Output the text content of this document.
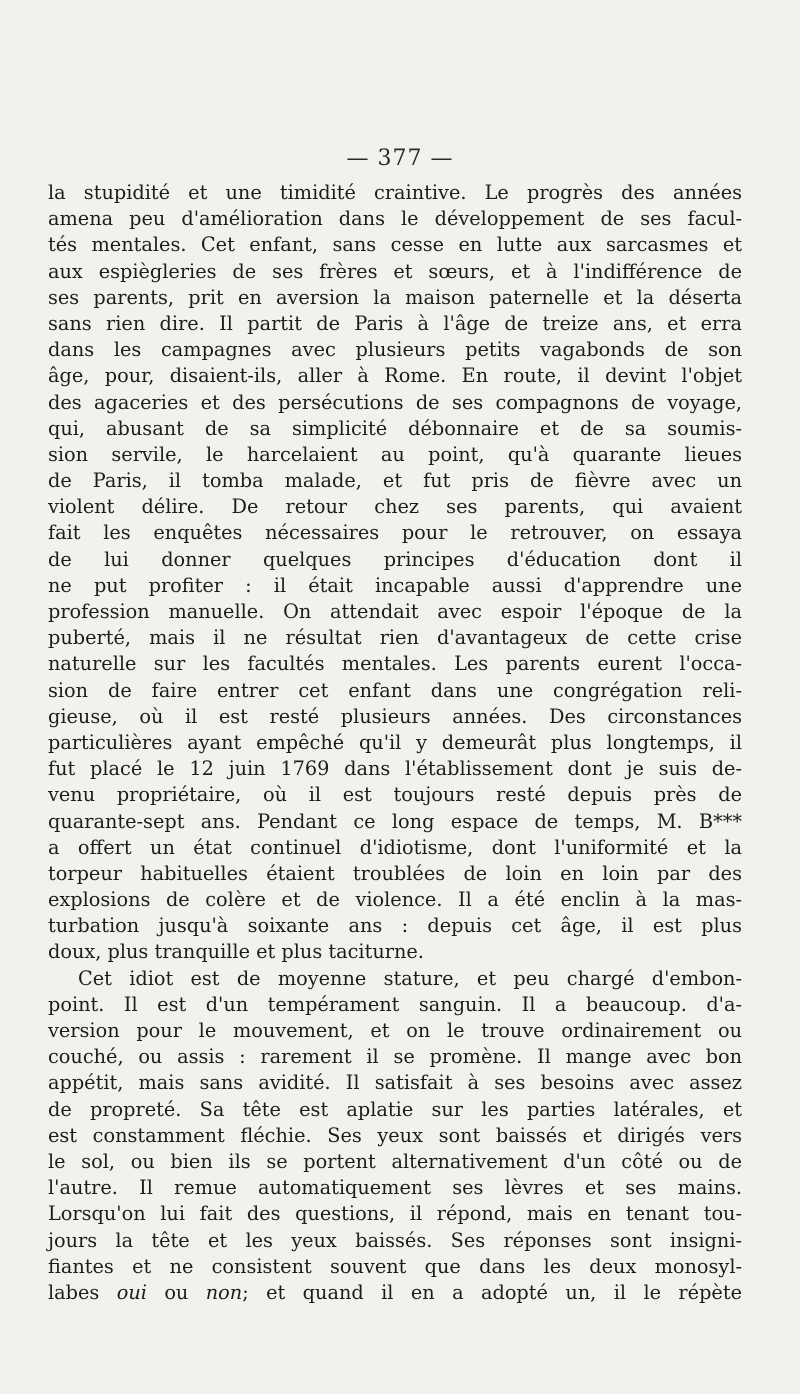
— 377 —
la stupidité et une timidité craintive. Le progrès des années
amena peu d'amélioration dans le développement de ses facul-
tés mentales. Cet enfant, sans cesse en lutte aux sarcasmes et
aux espiègleries de ses frères et sœurs, et à l'indifférence de
ses parents, prit en aversion la maison paternelle et la déserta
sans rien dire. Il partit de Paris à l'âge de treize ans, et erra
dans les campagnes avec plusieurs petits vagabonds de son
âge, pour, disaient-ils, aller à Rome. En route, il devint l'objet
des agaceries et des persécutions de ses compagnons de voyage,
qui, abusant de sa simplicité débonnaire et de sa soumis-
sion servile, le harcelaient au point, qu'à quarante lieues
de Paris, il tomba malade, et fut pris de fièvre avec un
violent délire. De retour chez ses parents, qui avaient
fait les enquêtes nécessaires pour le retrouver, on essaya
de lui donner quelques principes d'éducation dont il
ne put profiter : il était incapable aussi d'apprendre une
profession manuelle. On attendait avec espoir l'époque de la
puberté, mais il ne résultat rien d'avantageux de cette crise
naturelle sur les facultés mentales. Les parents eurent l'occa-
sion de faire entrer cet enfant dans une congrégation reli-
gieuse, où il est resté plusieurs années. Des circonstances
particulières ayant empêché qu'il y demeurât plus longtemps, il
fut placé le 12 juin 1769 dans l'établissement dont je suis de-
venu propriétaire, où il est toujours resté depuis près de
quarante-sept ans. Pendant ce long espace de temps, M. B***
a offert un état continuel d'idiotisme, dont l'uniformité et la
torpeur habituelles étaient troublées de loin en loin par des
explosions de colère et de violence. Il a été enclin à la mas-
turbation jusqu'à soixante ans : depuis cet âge, il est plus
doux, plus tranquille et plus taciturne.
Cet idiot est de moyenne stature, et peu chargé d'embon-
point. Il est d'un tempérament sanguin. Il a beaucoup. d'a-
version pour le mouvement, et on le trouve ordinairement ou
couché, ou assis : rarement il se promène. Il mange avec bon
appétit, mais sans avidité. Il satisfait à ses besoins avec assez
de propreté. Sa tête est aplatie sur les parties latérales, et
est constamment fléchie. Ses yeux sont baissés et dirigés vers
le sol, ou bien ils se portent alternativement d'un côté ou de
l'autre. Il remue automatiquement ses lèvres et ses mains.
Lorsqu'on lui fait des questions, il répond, mais en tenant tou-
jours la tête et les yeux baissés. Ses réponses sont insigni-
fiantes et ne consistent souvent que dans les deux monosyl-
labes oui ou non; et quand il en a adopté un, il le répète
